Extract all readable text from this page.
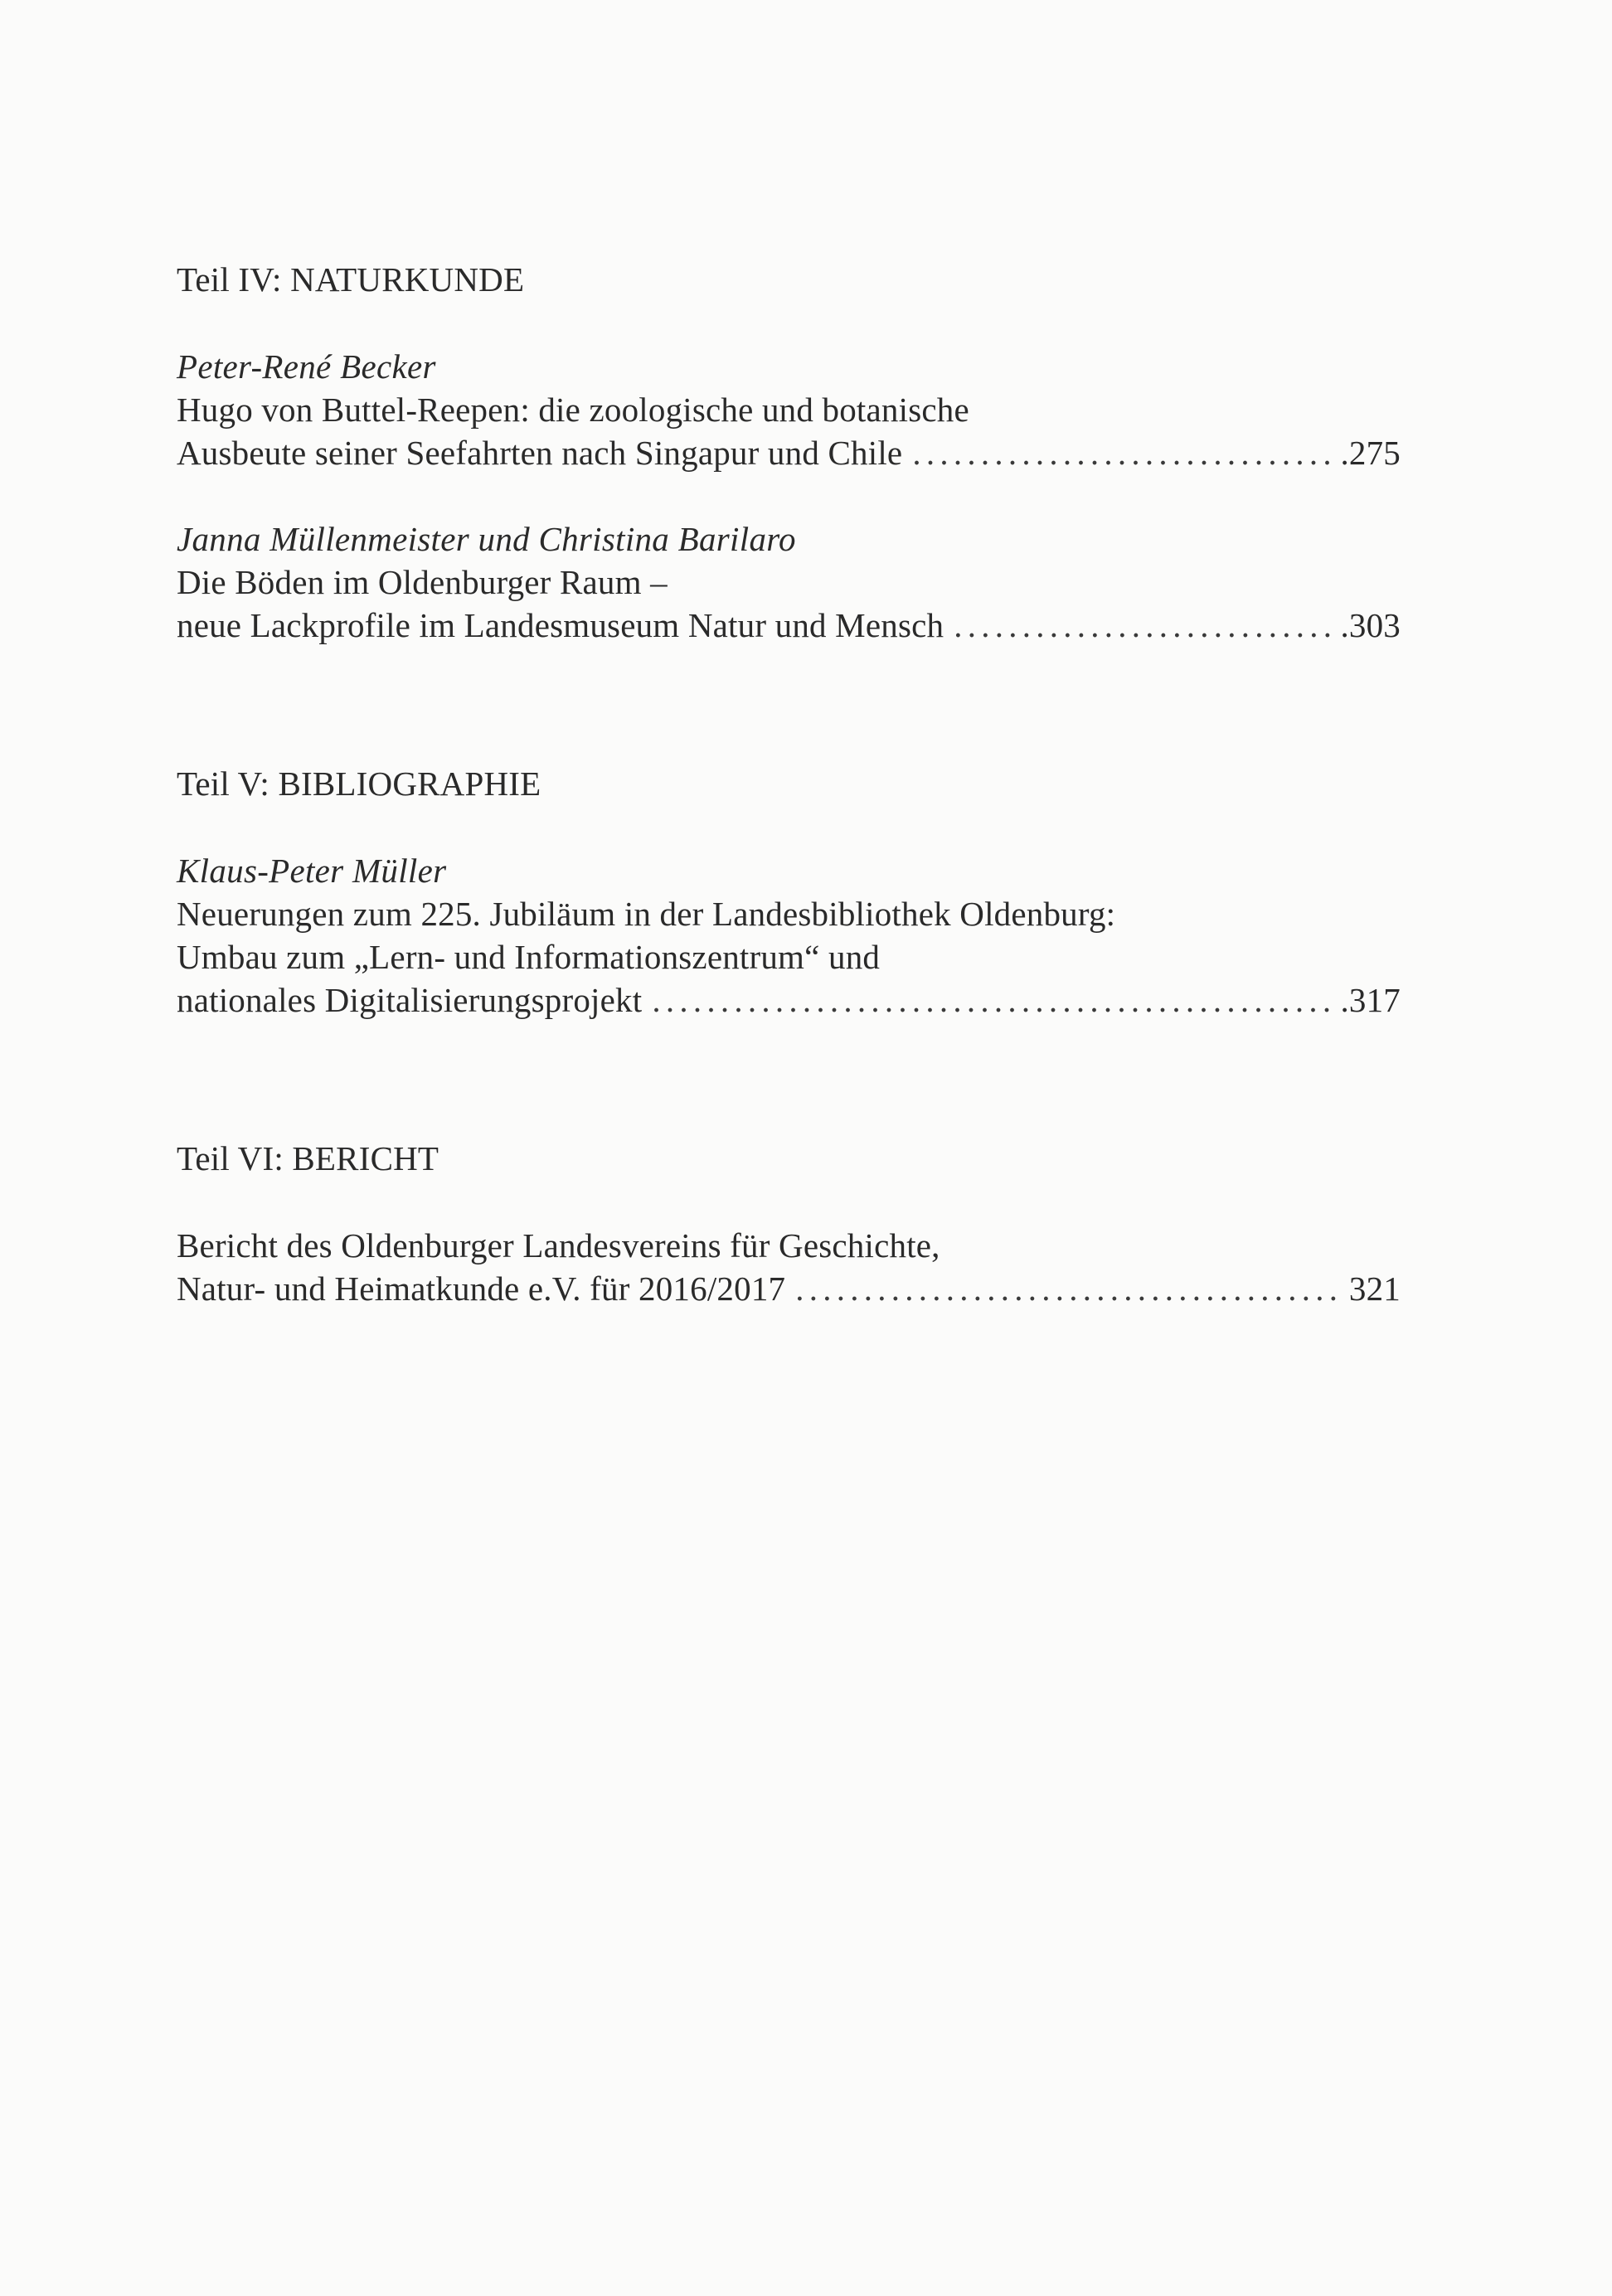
Teil IV: NATURKUNDE
Peter-René Becker
Hugo von Buttel-Reepen: die zoologische und botanische
Ausbeute seiner Seefahrten nach Singapur und Chile . . .	.275
Janna Müllenmeister und Christina Barilaro
Die Böden im Oldenburger Raum –
neue Lackprofile im Landesmuseum Natur und Mensch . . .	.303
Teil V: BIBLIOGRAPHIE
Klaus-Peter Müller
Neuerungen zum 225. Jubiläum in der Landesbibliothek Oldenburg:
Umbau zum „Lern- und Informationszentrum“ und
nationales Digitalisierungsprojekt . . .	.317
Teil VI: BERICHT
Bericht des Oldenburger Landesvereins für Geschichte,
Natur- und Heimatkunde e.V. für 2016/2017 . . .	321
